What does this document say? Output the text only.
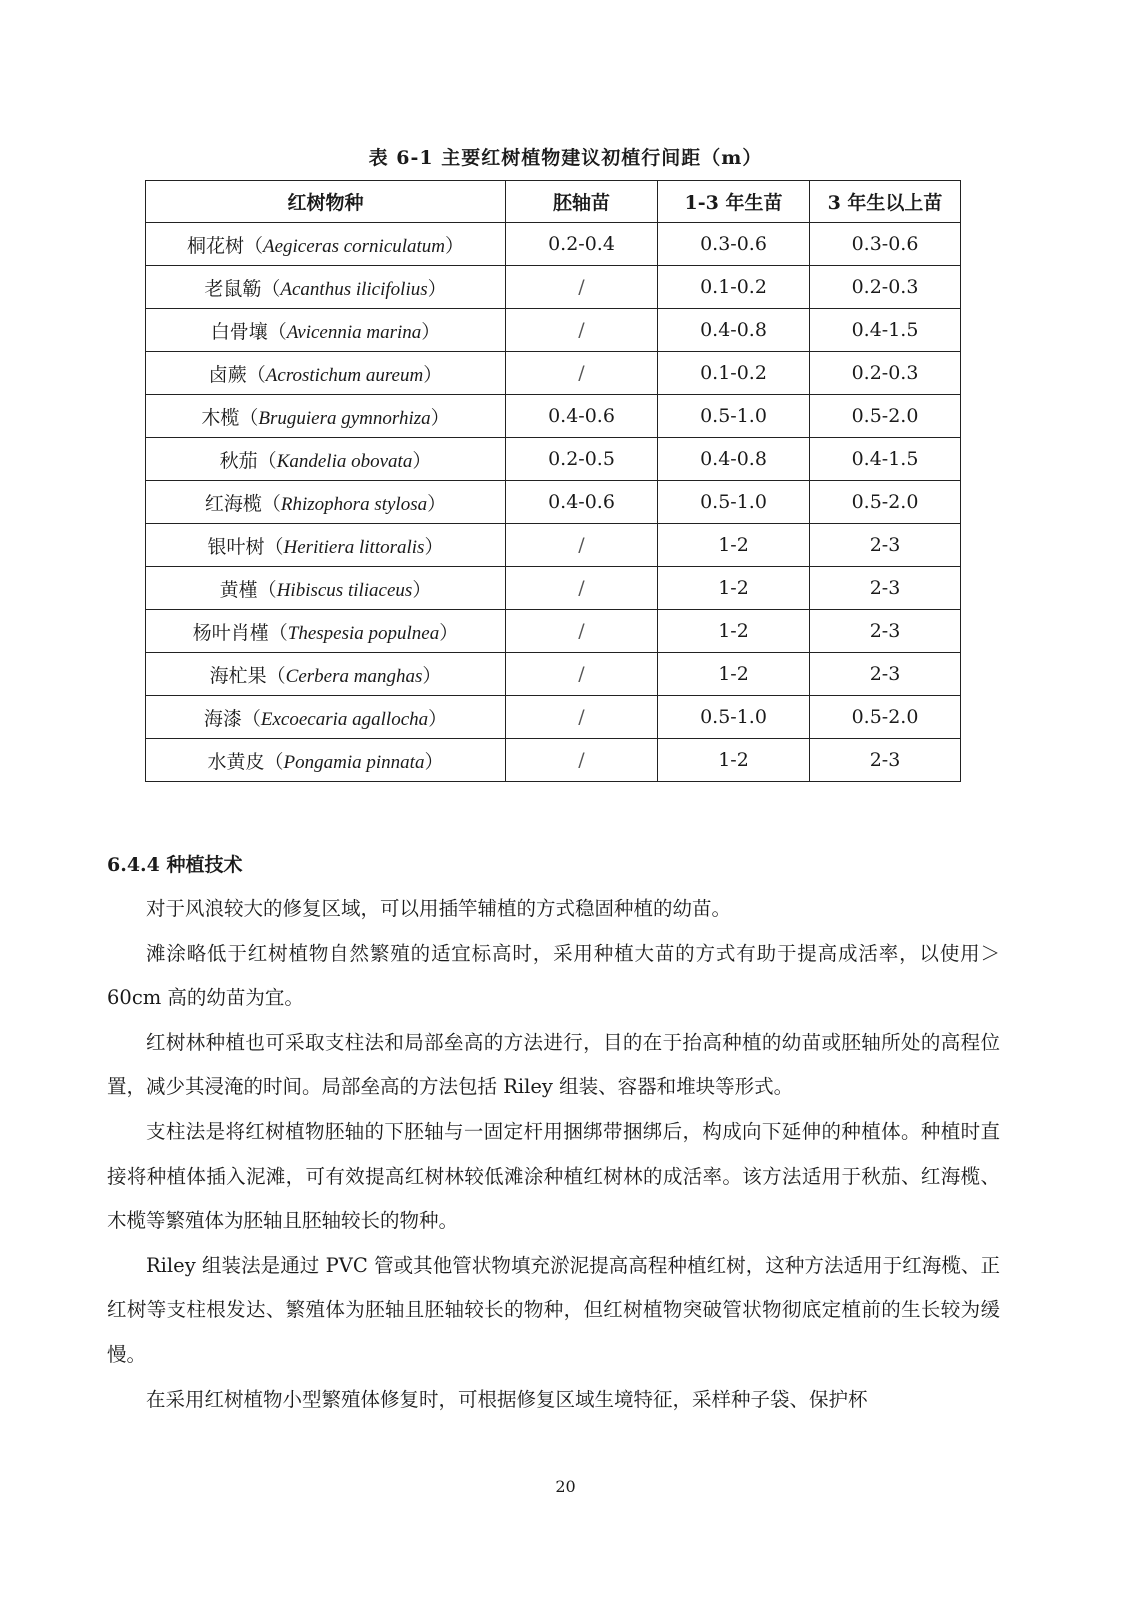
表 6-1 主要红树植物建议初植行间距（m）
红树物种	胚轴苗	1-3 年生苗	3 年生以上苗
桐花树（Aegiceras corniculatum）	0.2-0.4	0.3-0.6	0.3-0.6
老鼠簕（Acanthus ilicifolius）	/	0.1-0.2	0.2-0.3
白骨壤（Avicennia marina）	/	0.4-0.8	0.4-1.5
卤蕨（Acrostichum aureum）	/	0.1-0.2	0.2-0.3
木榄（Bruguiera gymnorhiza）	0.4-0.6	0.5-1.0	0.5-2.0
秋茄（Kandelia obovata）	0.2-0.5	0.4-0.8	0.4-1.5
红海榄（Rhizophora stylosa）	0.4-0.6	0.5-1.0	0.5-2.0
银叶树（Heritiera littoralis）	/	1-2	2-3
黄槿（Hibiscus tiliaceus）	/	1-2	2-3
杨叶肖槿（Thespesia populnea）	/	1-2	2-3
海杧果（Cerbera manghas）	/	1-2	2-3
海漆（Excoecaria agallocha）	/	0.5-1.0	0.5-2.0
水黄皮（Pongamia pinnata）	/	1-2	2-3
6.4.4 种植技术

对于风浪较大的修复区域，可以用插竿辅植的方式稳固种植的幼苗。

滩涂略低于红树植物自然繁殖的适宜标高时，采用种植大苗的方式有助于提高成活率，以使用＞60cm 高的幼苗为宜。

红树林种植也可采取支柱法和局部垒高的方法进行，目的在于抬高种植的幼苗或胚轴所处的高程位置，减少其浸淹的时间。局部垒高的方法包括 Riley 组装、容器和堆块等形式。

支柱法是将红树植物胚轴的下胚轴与一固定杆用捆绑带捆绑后，构成向下延伸的种植体。种植时直接将种植体插入泥滩，可有效提高红树林较低滩涂种植红树林的成活率。该方法适用于秋茄、红海榄、木榄等繁殖体为胚轴且胚轴较长的物种。

Riley 组装法是通过 PVC 管或其他管状物填充淤泥提高高程种植红树，这种方法适用于红海榄、正红树等支柱根发达、繁殖体为胚轴且胚轴较长的物种，但红树植物突破管状物彻底定植前的生长较为缓慢。

在采用红树植物小型繁殖体修复时，可根据修复区域生境特征，采样种子袋、保护杯

20
